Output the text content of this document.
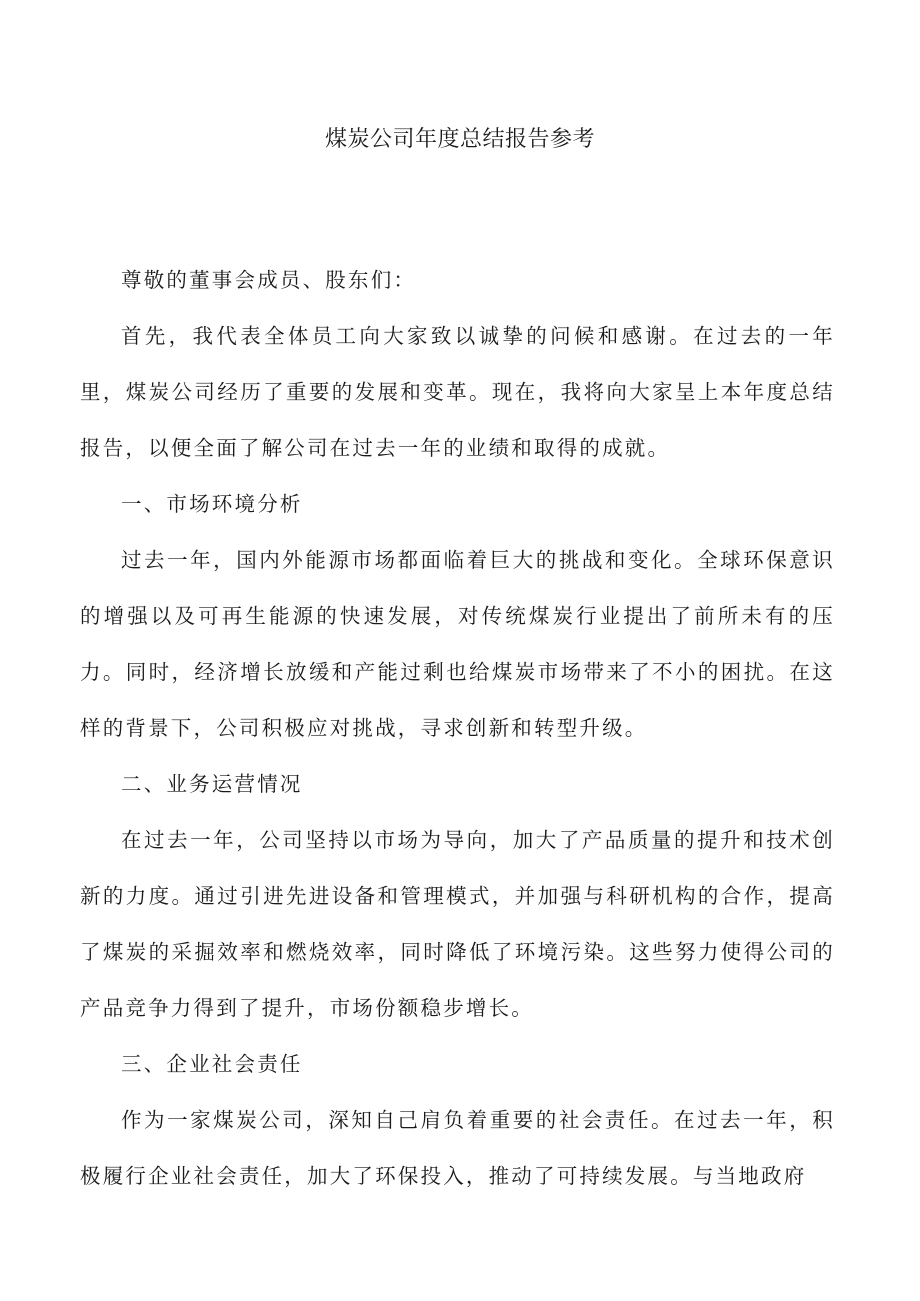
煤炭公司年度总结报告参考

尊敬的董事会成员、股东们：

首先，我代表全体员工向大家致以诚挚的问候和感谢。在过去的一年里，煤炭公司经历了重要的发展和变革。现在，我将向大家呈上本年度总结报告，以便全面了解公司在过去一年的业绩和取得的成就。

一、市场环境分析

过去一年，国内外能源市场都面临着巨大的挑战和变化。全球环保意识的增强以及可再生能源的快速发展，对传统煤炭行业提出了前所未有的压力。同时，经济增长放缓和产能过剩也给煤炭市场带来了不小的困扰。在这样的背景下，公司积极应对挑战，寻求创新和转型升级。

二、业务运营情况

在过去一年，公司坚持以市场为导向，加大了产品质量的提升和技术创新的力度。通过引进先进设备和管理模式，并加强与科研机构的合作，提高了煤炭的采掘效率和燃烧效率，同时降低了环境污染。这些努力使得公司的产品竞争力得到了提升，市场份额稳步增长。

三、企业社会责任

作为一家煤炭公司，深知自己肩负着重要的社会责任。在过去一年，积极履行企业社会责任，加大了环保投入，推动了可持续发展。与当地政府
